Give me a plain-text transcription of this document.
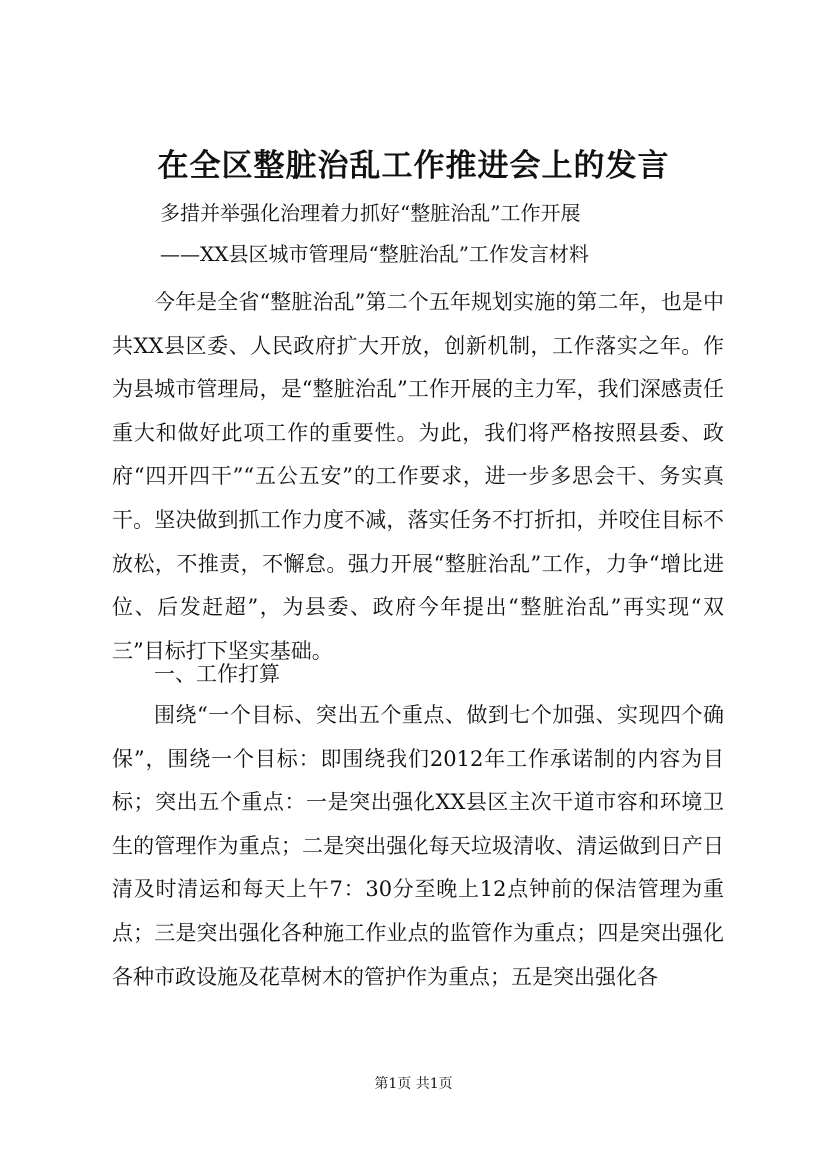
在全区整脏治乱工作推进会上的发言
多措并举强化治理着力抓好“整脏治乱”工作开展
——XX县区城市管理局“整脏治乱”工作发言材料

今年是全省“整脏治乱”第二个五年规划实施的第二年，也是中共XX县区委、人民政府扩大开放，创新机制，工作落实之年。作为县城市管理局，是“整脏治乱”工作开展的主力军，我们深感责任重大和做好此项工作的重要性。为此，我们将严格按照县委、政府“四开四干”“五公五安”的工作要求，进一步多思会干、务实真干。坚决做到抓工作力度不减，落实任务不打折扣，并咬住目标不放松，不推责，不懈怠。强力开展“整脏治乱”工作，力争“增比进位、后发赶超”，为县委、政府今年提出“整脏治乱”再实现“双三”目标打下坚实基础。

一、工作打算

围绕“一个目标、突出五个重点、做到七个加强、实现四个确保”，围绕一个目标：即围绕我们2012年工作承诺制的内容为目标；突出五个重点：一是突出强化XX县区主次干道市容和环境卫生的管理作为重点；二是突出强化每天垃圾清收、清运做到日产日清及时清运和每天上午7：30分至晚上12点钟前的保洁管理为重点；三是突出强化各种施工作业点的监管作为重点；四是突出强化各种市政设施及花草树木的管护作为重点；五是突出强化各

第1页 共1页
